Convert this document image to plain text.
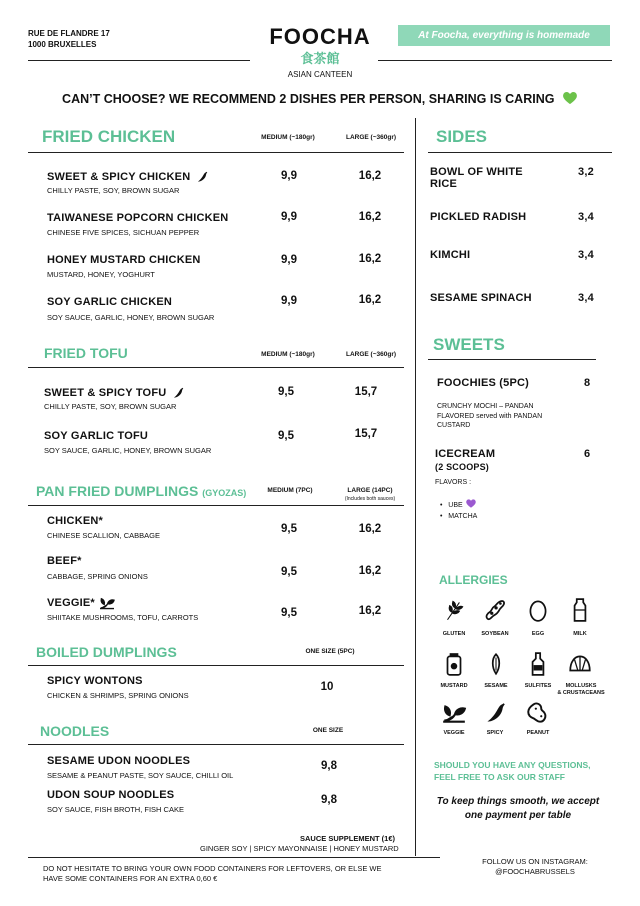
RUE DE FLANDRE 17
1000 BRUXELLES	FOOCHA
食茶館
ASIAN CANTEEN
At Foocha, everything is homemade
CAN’T CHOOSE? WE RECOMMEND 2 DISHES PER PERSON, SHARING IS CARING
FRIED CHICKEN	MEDIUM (~180gr)	LARGE (~360gr)
SWEET & SPICY CHICKEN
CHILLY PASTE, SOY, BROWN SUGAR
9,9	16,2
TAIWANESE POPCORN CHICKEN
CHINESE FIVE SPICES, SICHUAN PEPPER
9,9	16,2
HONEY MUSTARD CHICKEN
MUSTARD, HONEY, YOGHURT
9,9	16,2
SOY GARLIC CHICKEN
SOY SAUCE, GARLIC, HONEY, BROWN SUGAR
9,9	16,2
FRIED TOFU	MEDIUM (~180gr)	LARGE (~360gr)
SWEET & SPICY TOFU
CHILLY PASTE, SOY, BROWN SUGAR
9,5	15,7
SOY GARLIC TOFU
SOY SAUCE, GARLIC, HONEY, BROWN SUGAR
9,5	15,7
PAN FRIED DUMPLINGS (GYOZAS)	MEDIUM (7PC)	LARGE (14PC)
(Includes both sauces)
CHICKEN*
CHINESE SCALLION, CABBAGE
9,5	16,2
BEEF*
CABBAGE, SPRING ONIONS	9,5	16,2
VEGGIE*
SHIITAKE MUSHROOMS, TOFU, CARROTS	9,5	16,2
BOILED DUMPLINGS	ONE SIZE (5PC)
SPICY WONTONS
CHICKEN & SHRIMPS, SPRING ONIONS
10
NOODLES	ONE SIZE
SESAME UDON NOODLES
SESAME & PEANUT PASTE, SOY SAUCE, CHILLI OIL
9,8
UDON SOUP NOODLES
SOY SAUCE, FISH BROTH, FISH CAKE
9,8
SAUCE SUPPLEMENT (1€)
GINGER SOY | SPICY MAYONNAISE | HONEY MUSTARD
SIDES
BOWL OF WHITE
RICE
3,2
PICKLED RADISH	3,4
KIMCHI	3,4
SESAME SPINACH	3,4
SWEETS
FOOCHIES (5PC)	8
CRUNCHY MOCHI – PANDAN
FLAVORED served with PANDAN
CUSTARD
ICECREAM
(2 SCOOPS)
6
FLAVORS :
•   UBE
•   MATCHA
ALLERGIES
GLUTEN	SOYBEAN	EGG	MILK
MUSTARD	SESAME	SULFITES	MOLLUSKS
& CRUSTACEANS
VEGGIE	SPICY	PEANUT
SHOULD YOU HAVE ANY QUESTIONS,
FEEL FREE TO ASK OUR STAFF
To keep things smooth, we accept
one payment per table
DO NOT HESITATE TO BRING YOUR OWN FOOD CONTAINERS FOR LEFTOVERS, OR ELSE WE
HAVE SOME CONTAINERS FOR AN EXTRA 0,60 €
FOLLOW US ON INSTAGRAM:
@FOOCHABRUSSELS
